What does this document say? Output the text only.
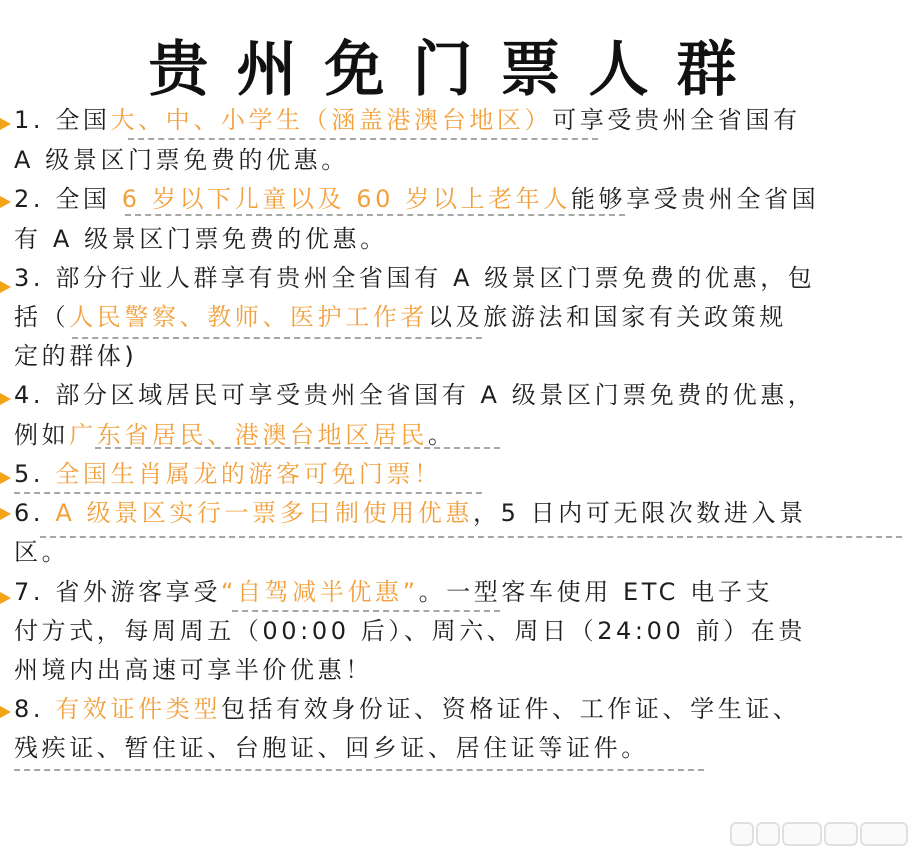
贵州免门票人群
1. 全国大、中、小学生（涵盖港澳台地区）可享受贵州全省国有
A 级景区门票免费的优惠。
2. 全国 6 岁以下儿童以及 60 岁以上老年人能够享受贵州全省国
有 A 级景区门票免费的优惠。
3. 部分行业人群享有贵州全省国有 A 级景区门票免费的优惠，包
括（人民警察、教师、医护工作者以及旅游法和国家有关政策规
定的群体)
4. 部分区域居民可享受贵州全省国有 A 级景区门票免费的优惠，
例如广东省居民、港澳台地区居民。
5. 全国生肖属龙的游客可免门票！
6. A 级景区实行一票多日制使用优惠，5 日内可无限次数进入景
区。
7. 省外游客享受“自驾减半优惠”。一型客车使用 ETC 电子支
付方式，每周周五（00:00 后）、周六、周日（24:00 前）在贵
州境内出高速可享半价优惠！
8. 有效证件类型包括有效身份证、资格证件、工作证、学生证、
残疾证、暂住证、台胞证、回乡证、居住证等证件。
